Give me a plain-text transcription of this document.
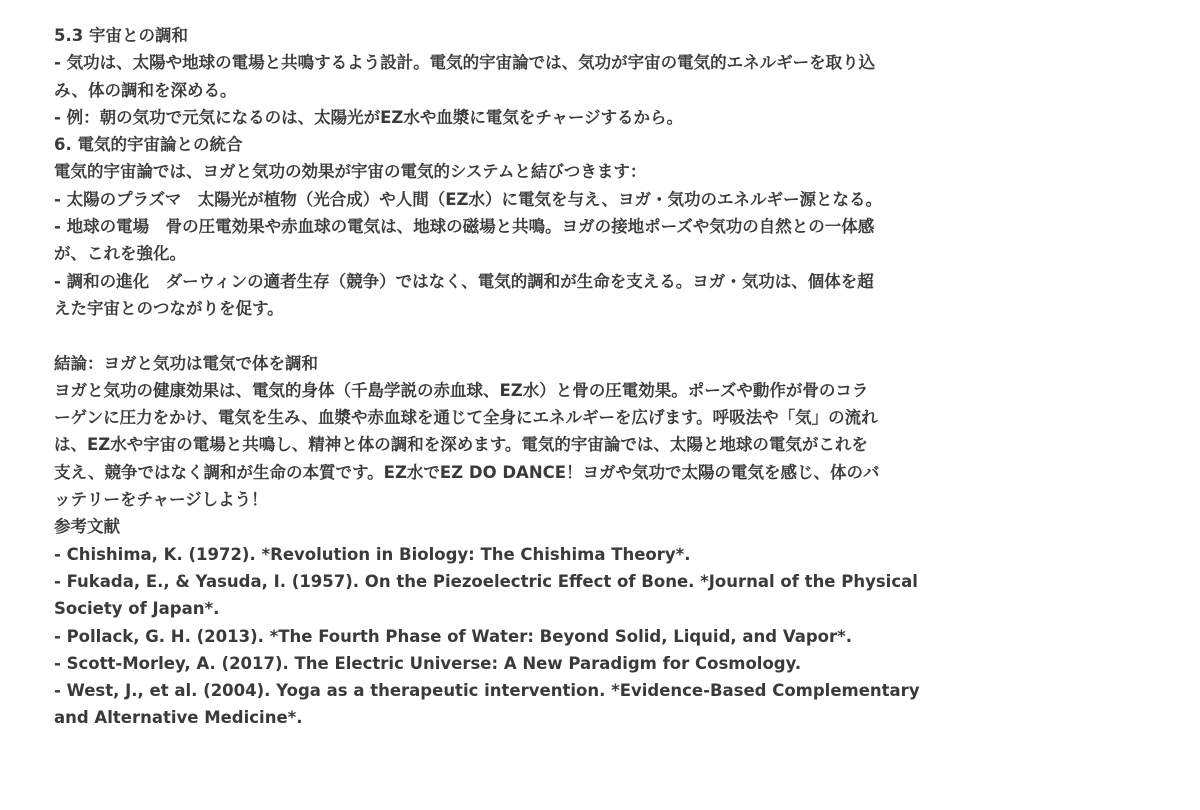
5.3 宇宙との調和
- 気功は、太陽や地球の電場と共鳴するよう設計。電気的宇宙論では、気功が宇宙の電気的エネルギーを取り込
み、体の調和を深める。
- 例：朝の気功で元気になるのは、太陽光がEZ水や血漿に電気をチャージするから。
6. 電気的宇宙論との統合
電気的宇宙論では、ヨガと気功の効果が宇宙の電気的システムと結びつきます：
- 太陽のプラズマ　太陽光が植物（光合成）や人間（EZ水）に電気を与え、ヨガ・気功のエネルギー源となる。
- 地球の電場　骨の圧電効果や赤血球の電気は、地球の磁場と共鳴。ヨガの接地ポーズや気功の自然との一体感
が、これを強化。
- 調和の進化　ダーウィンの適者生存（競争）ではなく、電気的調和が生命を支える。ヨガ・気功は、個体を超
えた宇宙とのつながりを促す。
結論：ヨガと気功は電気で体を調和
ヨガと気功の健康効果は、電気的身体（千島学説の赤血球、EZ水）と骨の圧電効果。ポーズや動作が骨のコラ
ーゲンに圧力をかけ、電気を生み、血漿や赤血球を通じて全身にエネルギーを広げます。呼吸法や「気」の流れ
は、EZ水や宇宙の電場と共鳴し、精神と体の調和を深めます。電気的宇宙論では、太陽と地球の電気がこれを
支え、競争ではなく調和が生命の本質です。EZ水でEZ DO DANCE！ヨガや気功で太陽の電気を感じ、体のバ
ッテリーをチャージしよう！
参考文献
- Chishima, K. (1972). *Revolution in Biology: The Chishima Theory*.
- Fukada, E., & Yasuda, I. (1957). On the Piezoelectric Effect of Bone. *Journal of the Physical
Society of Japan*.
- Pollack, G. H. (2013). *The Fourth Phase of Water: Beyond Solid, Liquid, and Vapor*.
- Scott-Morley, A. (2017). The Electric Universe: A New Paradigm for Cosmology.
- West, J., et al. (2004). Yoga as a therapeutic intervention. *Evidence-Based Complementary
and Alternative Medicine*.
